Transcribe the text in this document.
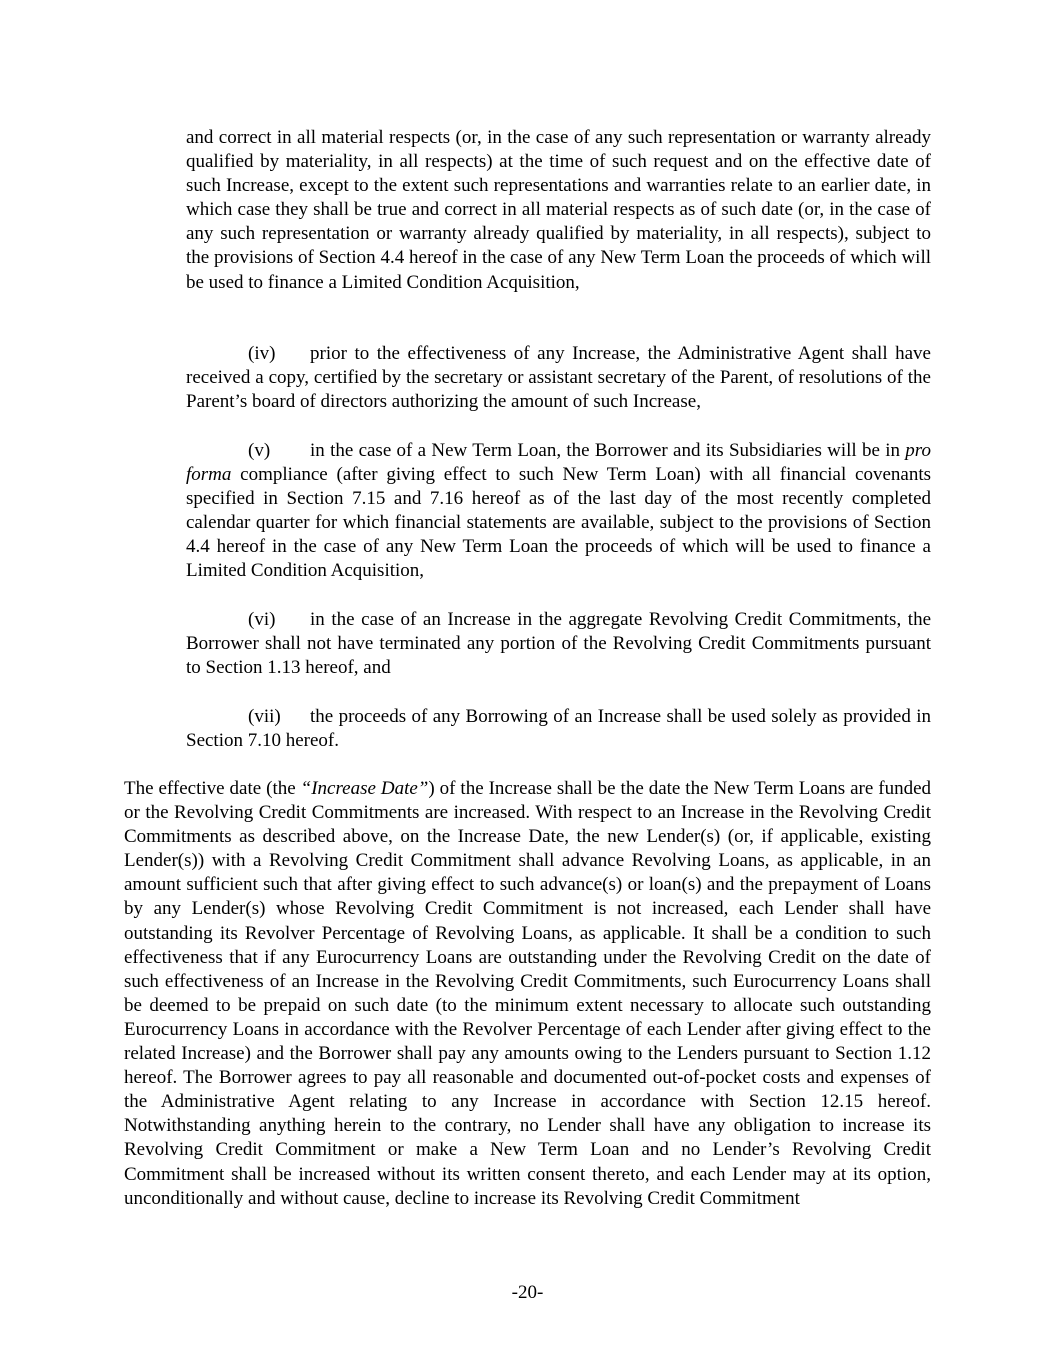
and correct in all material respects (or, in the case of any such representation or warranty already qualified by materiality, in all respects) at the time of such request and on the effective date of such Increase, except to the extent such representations and warranties relate to an earlier date, in which case they shall be true and correct in all material respects as of such date (or, in the case of any such representation or warranty already qualified by materiality, in all respects), subject to the provisions of Section 4.4 hereof in the case of any New Term Loan the proceeds of which will be used to finance a Limited Condition Acquisition,

(iv) prior to the effectiveness of any Increase, the Administrative Agent shall have received a copy, certified by the secretary or assistant secretary of the Parent, of resolutions of the Parent’s board of directors authorizing the amount of such Increase,

(v) in the case of a New Term Loan, the Borrower and its Subsidiaries will be in pro forma compliance (after giving effect to such New Term Loan) with all financial covenants specified in Section 7.15 and 7.16 hereof as of the last day of the most recently completed calendar quarter for which financial statements are available, subject to the provisions of Section 4.4 hereof in the case of any New Term Loan the proceeds of which will be used to finance a Limited Condition Acquisition,

(vi) in the case of an Increase in the aggregate Revolving Credit Commitments, the Borrower shall not have terminated any portion of the Revolving Credit Commitments pursuant to Section 1.13 hereof, and

(vii) the proceeds of any Borrowing of an Increase shall be used solely as provided in Section 7.10 hereof.

The effective date (the “Increase Date”) of the Increase shall be the date the New Term Loans are funded or the Revolving Credit Commitments are increased. With respect to an Increase in the Revolving Credit Commitments as described above, on the Increase Date, the new Lender(s) (or, if applicable, existing Lender(s)) with a Revolving Credit Commitment shall advance Revolving Loans, as applicable, in an amount sufficient such that after giving effect to such advance(s) or loan(s) and the prepayment of Loans by any Lender(s) whose Revolving Credit Commitment is not increased, each Lender shall have outstanding its Revolver Percentage of Revolving Loans, as applicable. It shall be a condition to such effectiveness that if any Eurocurrency Loans are outstanding under the Revolving Credit on the date of such effectiveness of an Increase in the Revolving Credit Commitments, such Eurocurrency Loans shall be deemed to be prepaid on such date (to the minimum extent necessary to allocate such outstanding Eurocurrency Loans in accordance with the Revolver Percentage of each Lender after giving effect to the related Increase) and the Borrower shall pay any amounts owing to the Lenders pursuant to Section 1.12 hereof. The Borrower agrees to pay all reasonable and documented out-of-pocket costs and expenses of the Administrative Agent relating to any Increase in accordance with Section 12.15 hereof. Notwithstanding anything herein to the contrary, no Lender shall have any obligation to increase its Revolving Credit Commitment or make a New Term Loan and no Lender’s Revolving Credit Commitment shall be increased without its written consent thereto, and each Lender may at its option, unconditionally and without cause, decline to increase its Revolving Credit Commitment

-20-
